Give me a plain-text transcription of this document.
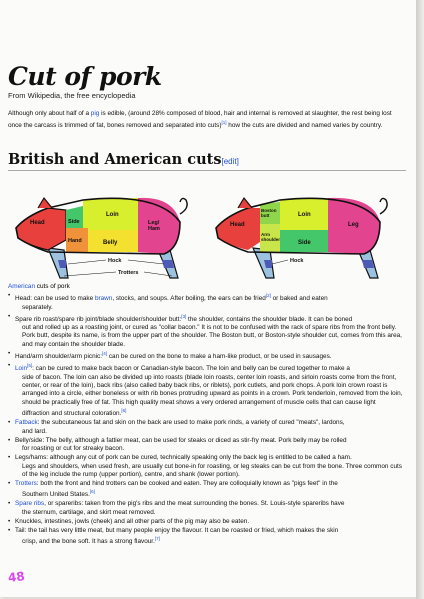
Cut of pork
From Wikipedia, the free encyclopedia
Although only about half of a pig is edible, (around 28% composed of blood, hair and internal is removed at slaughter, the rest being lost once the carcass is trimmed of fat, bones removed and separated into cuts)[1] how the cuts are divided and named varies by country.
British and American cuts[edit]
Head
Loin
Side
Hand	Belly
Leg/ Ham
Hock
Trotters
Head
Boston butt
Arm shoulder
Loin
Side
Leg
Hock
American cuts of pork
• Head: can be used to make brawn, stocks, and soups. After boiling, the ears can be fried[2] or baked and eaten
separately.
• Spare rib roast/spare rib joint/blade shoulder/shoulder butt:[3] the shoulder, contains the shoulder blade. It can be boned
out and rolled up as a roasting joint, or cured as "collar bacon." It is not to be confused with the rack of spare ribs from the front belly. Pork butt, despite its name, is from the upper part of the shoulder. The Boston butt, or Boston-style shoulder cut, comes from this area, and may contain the shoulder blade.
• Hand/arm shoulder/arm picnic:[4] can be cured on the bone to make a ham-like product, or be used in sausages.
• Loin[5]: can be cured to make back bacon or Canadian-style bacon. The loin and belly can be cured together to make a
side of bacon. The loin can also be divided up into roasts (blade loin roasts, center loin roasts, and sirloin roasts come from the front, center, or rear of the loin), back ribs (also called baby back ribs, or riblets), pork cutlets, and pork chops. A pork loin crown roast is arranged into a circle, either boneless or with rib bones protruding upward as points in a crown. Pork tenderloin, removed from the loin, should be practically free of fat. This high quality meat shows a very ordered arrangement of muscle cells that can cause light diffraction and structural coloration.[6]
• Fatback: the subcutaneous fat and skin on the back are used to make pork rinds, a variety of cured "meats", lardons,
and lard.
• Belly/side: The belly, although a fattier meat, can be used for steaks or diced as stir-fry meat. Pork belly may be rolled
for roasting or cut for streaky bacon.
• Legs/hams: although any cut of pork can be cured, technically speaking only the back leg is entitled to be called a ham.
Legs and shoulders, when used fresh, are usually cut bone-in for roasting, or leg steaks can be cut from the bone. Three common cuts of the leg include the rump (upper portion), centre, and shank (lower portion).
• Trotters: both the front and hind trotters can be cooked and eaten. They are colloquially known as "pigs feet" in the
Southern United States.[6]
• Spare ribs, or spareribs: taken from the pig's ribs and the meat surrounding the bones. St. Louis-style spareribs have
the sternum, cartilage, and skirt meat removed.
• Knuckles, intestines, jowls (cheek) and all other parts of the pig may also be eaten.
• Tail: the tail has very little meat, but many people enjoy the flavour. It can be roasted or fried, which makes the skin
crisp, and the bone soft. It has a strong flavour.[7]
48
